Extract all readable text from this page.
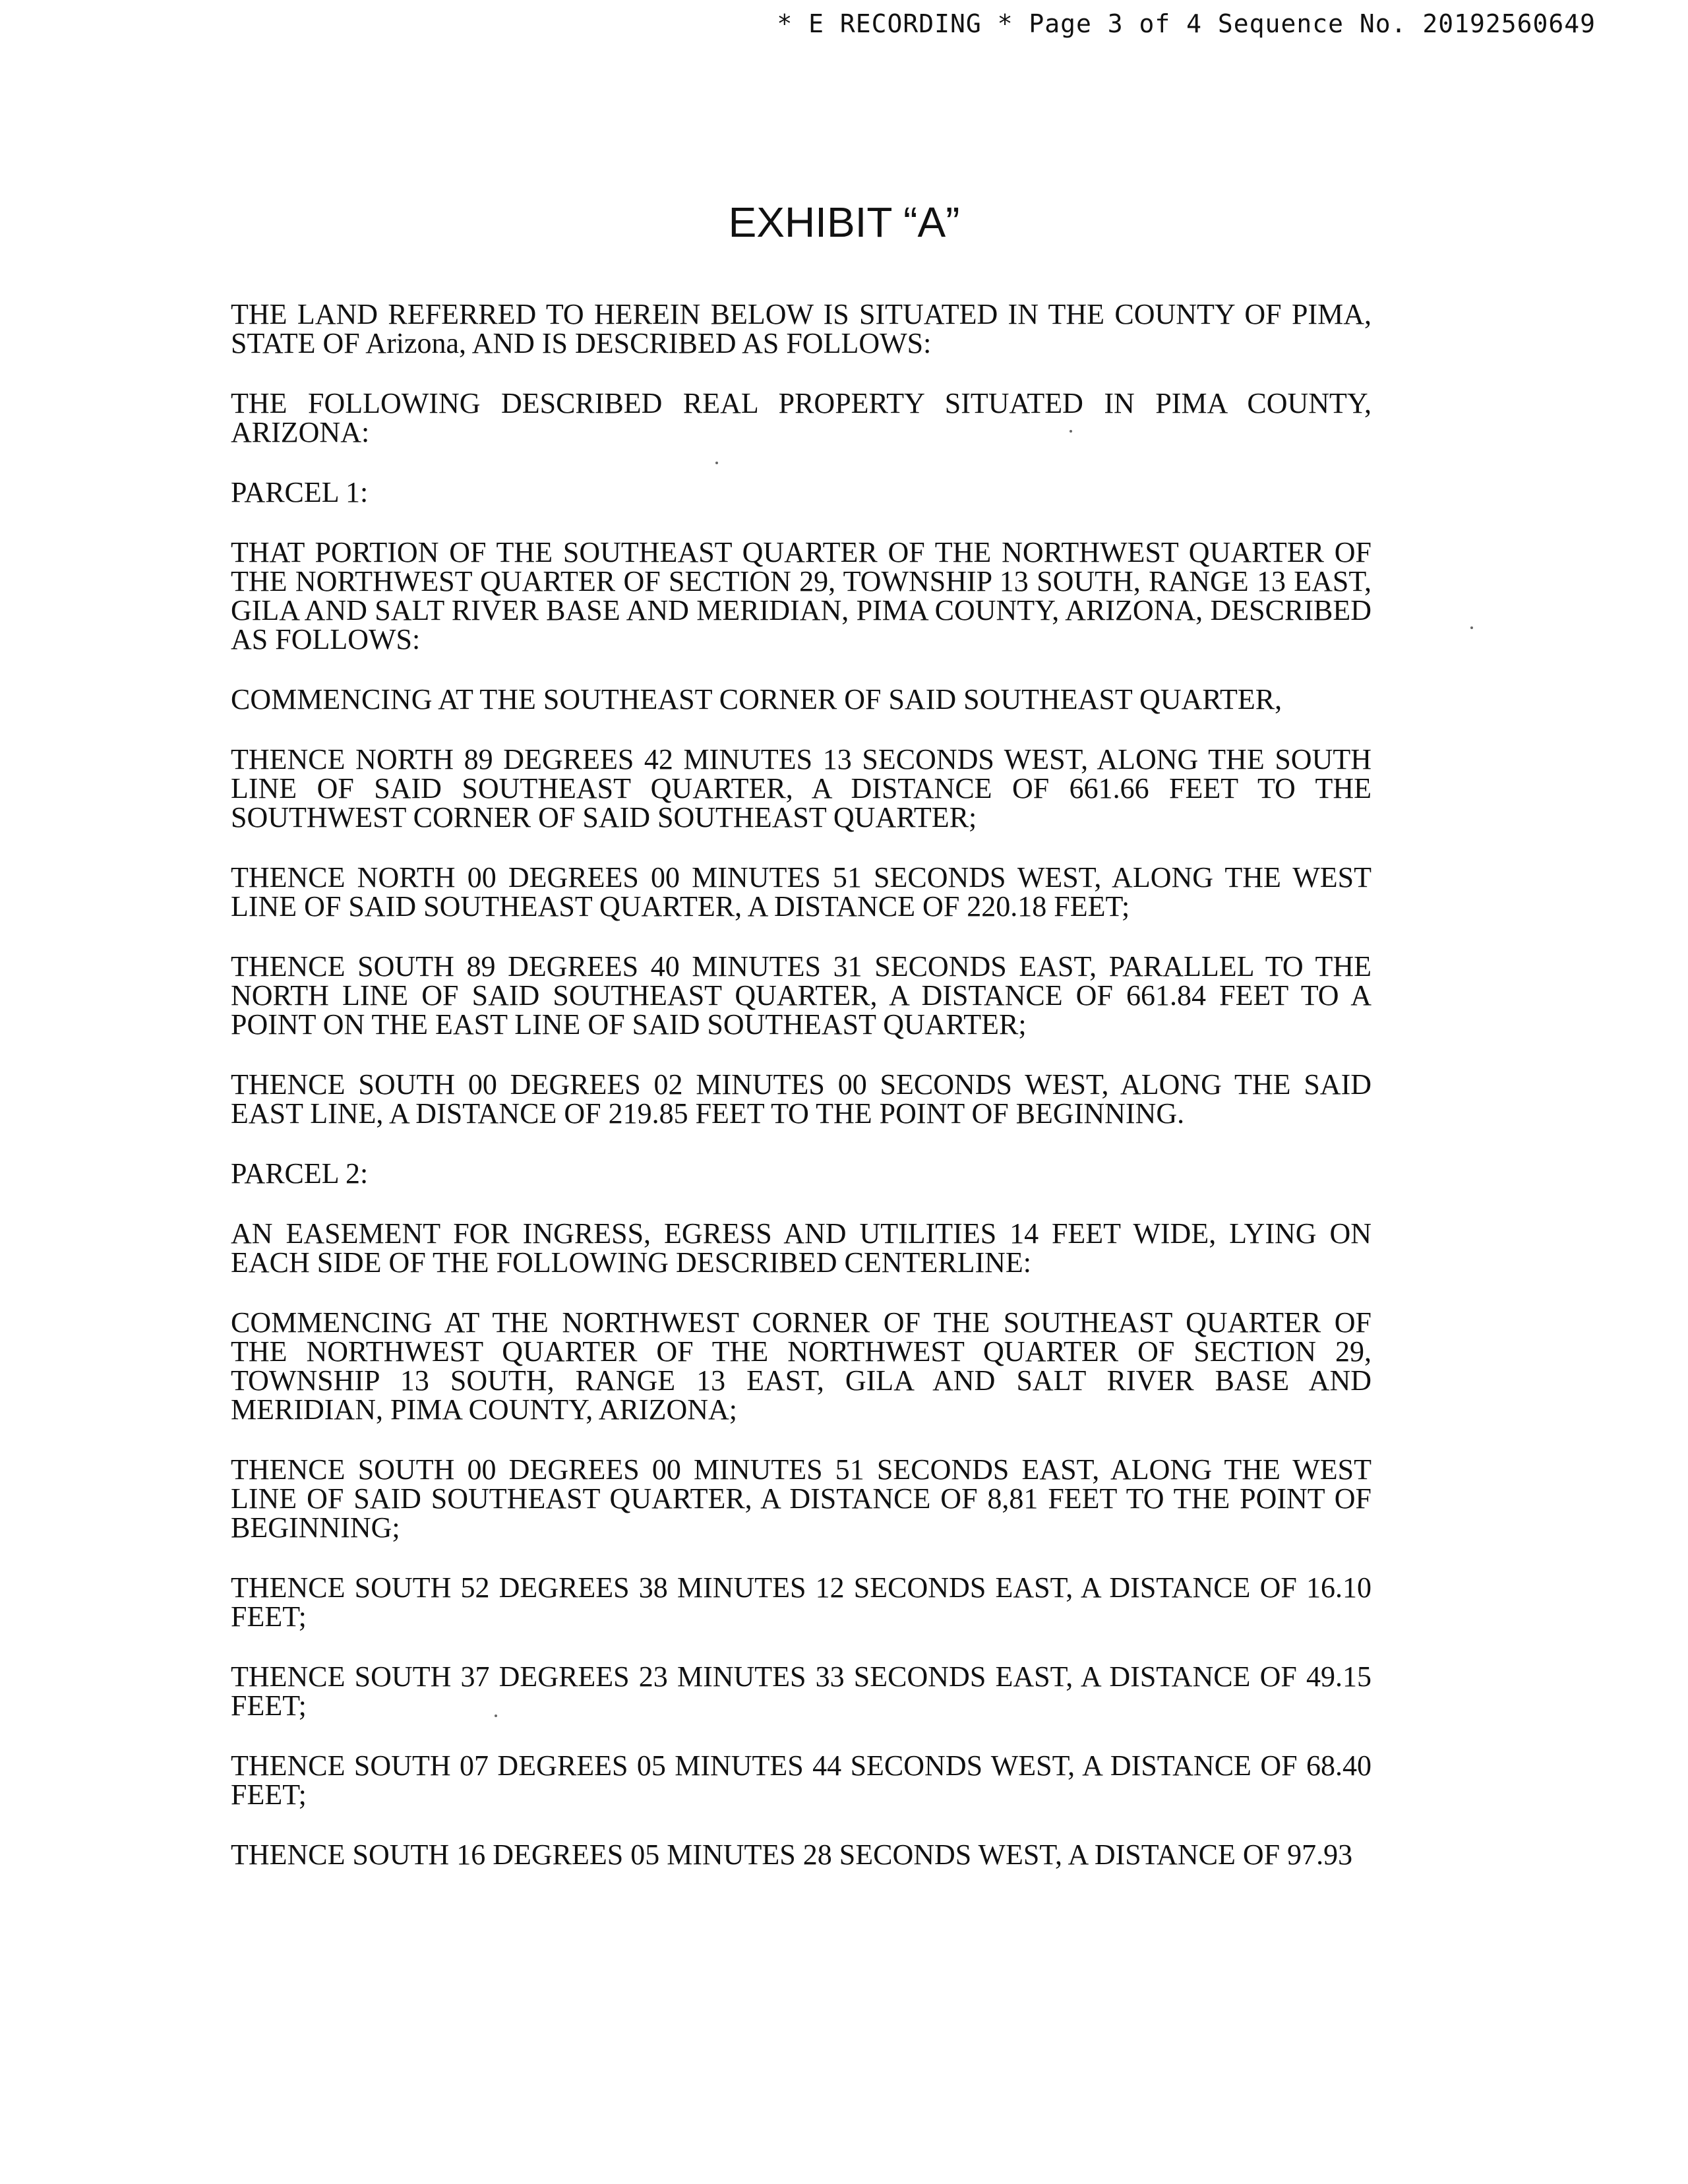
* E RECORDING * Page 3 of 4 Sequence No. 20192560649
EXHIBIT “A”

THE LAND REFERRED TO HEREIN BELOW IS SITUATED IN THE COUNTY OF PIMA, STATE OF Arizona, AND IS DESCRIBED AS FOLLOWS:

THE FOLLOWING DESCRIBED REAL PROPERTY SITUATED IN PIMA COUNTY, ARIZONA:

PARCEL 1:

THAT PORTION OF THE SOUTHEAST QUARTER OF THE NORTHWEST QUARTER OF THE NORTHWEST QUARTER OF SECTION 29, TOWNSHIP 13 SOUTH, RANGE 13 EAST, GILA AND SALT RIVER BASE AND MERIDIAN, PIMA COUNTY, ARIZONA, DESCRIBED AS FOLLOWS:

COMMENCING AT THE SOUTHEAST CORNER OF SAID SOUTHEAST QUARTER,

THENCE NORTH 89 DEGREES 42 MINUTES 13 SECONDS WEST, ALONG THE SOUTH LINE OF SAID SOUTHEAST QUARTER, A DISTANCE OF 661.66 FEET TO THE SOUTHWEST CORNER OF SAID SOUTHEAST QUARTER;

THENCE NORTH 00 DEGREES 00 MINUTES 51 SECONDS WEST, ALONG THE WEST LINE OF SAID SOUTHEAST QUARTER, A DISTANCE OF 220.18 FEET;

THENCE SOUTH 89 DEGREES 40 MINUTES 31 SECONDS EAST, PARALLEL TO THE NORTH LINE OF SAID SOUTHEAST QUARTER, A DISTANCE OF 661.84 FEET TO A POINT ON THE EAST LINE OF SAID SOUTHEAST QUARTER;

THENCE SOUTH 00 DEGREES 02 MINUTES 00 SECONDS WEST, ALONG THE SAID EAST LINE, A DISTANCE OF 219.85 FEET TO THE POINT OF BEGINNING.

PARCEL 2:

AN EASEMENT FOR INGRESS, EGRESS AND UTILITIES 14 FEET WIDE, LYING ON EACH SIDE OF THE FOLLOWING DESCRIBED CENTERLINE:

COMMENCING AT THE NORTHWEST CORNER OF THE SOUTHEAST QUARTER OF THE NORTHWEST QUARTER OF THE NORTHWEST QUARTER OF SECTION 29, TOWNSHIP 13 SOUTH, RANGE 13 EAST, GILA AND SALT RIVER BASE AND MERIDIAN, PIMA COUNTY, ARIZONA;

THENCE SOUTH 00 DEGREES 00 MINUTES 51 SECONDS EAST, ALONG THE WEST LINE OF SAID SOUTHEAST QUARTER, A DISTANCE OF 8,81 FEET TO THE POINT OF BEGINNING;

THENCE SOUTH 52 DEGREES 38 MINUTES 12 SECONDS EAST, A DISTANCE OF 16.10 FEET;

THENCE SOUTH 37 DEGREES 23 MINUTES 33 SECONDS EAST, A DISTANCE OF 49.15 FEET;

THENCE SOUTH 07 DEGREES 05 MINUTES 44 SECONDS WEST, A DISTANCE OF 68.40 FEET;

THENCE SOUTH 16 DEGREES 05 MINUTES 28 SECONDS WEST, A DISTANCE OF 97.93
